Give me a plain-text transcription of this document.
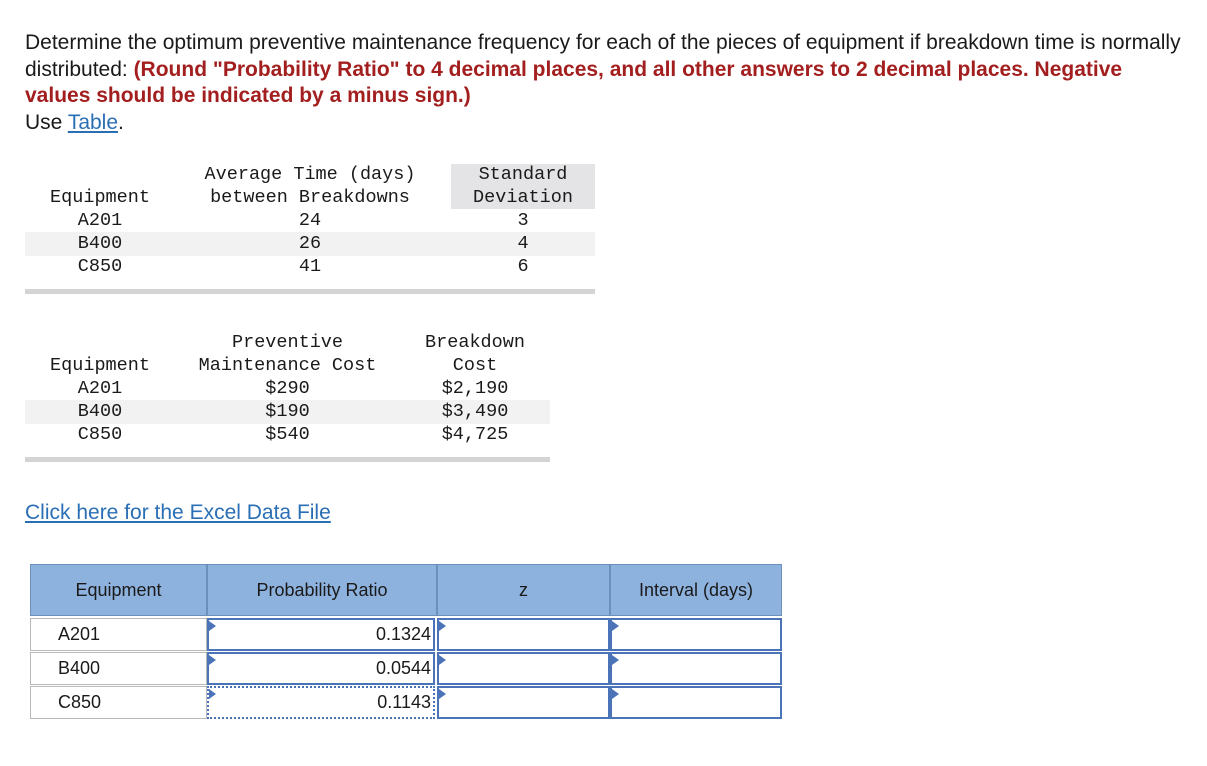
Determine the optimum preventive maintenance frequency for each of the pieces of equipment if breakdown time is normally distributed: (Round "Probability Ratio" to 4 decimal places, and all other answers to 2 decimal places. Negative values should be indicated by a minus sign.)
Use Table.
Average Time (days)	Standard
Equipment	between Breakdowns	Deviation
A201	24	3
B400	26	4
C850	41	6
Preventive	Breakdown
Equipment	Maintenance Cost	Cost
A201	$290	$2,190
B400	$190	$3,490
C850	$540	$4,725
Click here for the Excel Data File
Equipment	Probability Ratio	z	Interval (days)
A201	0.1324
B400	0.0544
C850	0.1143
